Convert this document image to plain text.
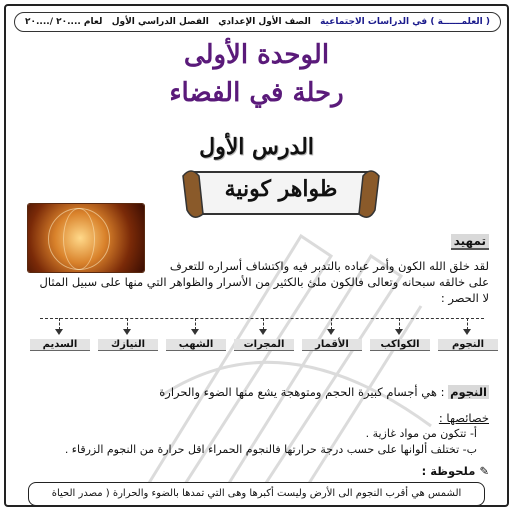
( العلمــــــة ) في الدراسات الاجتماعية
الصف الأول الإعدادي
الفصل الدراسي الأول
لعام ....٢٠ /....٢٠
الوحدة الأولى
رحلة في الفضاء
الدرس الأول
ظواهر كونية
تمهيد
لقد خلق الله الكون وأمر عباده بالتدبر فيه واكتشاف أسراره للتعرف
على خالقه سبحانه وتعالى فالكون ملئ بالكثير من الأسرار والظواهر التي منها على سبيل المثال
لا الحصر :
النجوم
الكواكب
الأقمار
المجرات
الشهب
النيازك
السديم
النجوم : هي أجسام كبيرة الحجم ومتوهجة يشع منها الضوء والحرارة
خصائصها :
أ- تتكون من مواد غازية .
ب- تختلف ألوانها على حسب درجة حرارتها فالنجوم الحمراء اقل حرارة من النجوم الزرقاء .
✎ ملحوظة :
الشمس هي أقرب النجوم الى الأرض وليست أكبرها وهى التي تمدها بالضوء والحرارة ( مصدر الحياة
